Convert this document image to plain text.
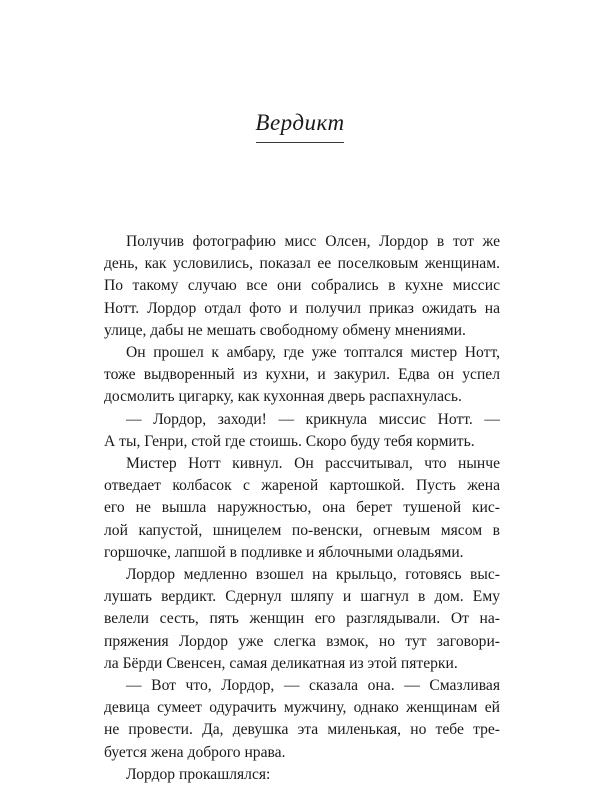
Вердикт
Получив фотографию мисс Олсен, Лордор в тот же
день, как условились, показал ее поселковым женщинам.
По такому случаю все они собрались в кухне миссис
Нотт. Лордор отдал фото и получил приказ ожидать на
улице, дабы не мешать свободному обмену мнениями.
Он прошел к амбару, где уже топтался мистер Нотт,
тоже выдворенный из кухни, и закурил. Едва он успел
досмолить цигарку, как кухонная дверь распахнулась.
— Лордор, заходи! — крикнула миссис Нотт. —
А ты, Генри, стой где стоишь. Скоро буду тебя кормить.
Мистер Нотт кивнул. Он рассчитывал, что нынче
отведает колбасок с жареной картошкой. Пусть жена
его не вышла наружностью, она берет тушеной кис-
лой капустой, шницелем по-венски, огневым мясом в
горшочке, лапшой в подливке и яблочными оладьями.
Лордор медленно взошел на крыльцо, готовясь выс-
лушать вердикт. Сдернул шляпу и шагнул в дом. Ему
велели сесть, пять женщин его разглядывали. От на-
пряжения Лордор уже слегка взмок, но тут заговори-
ла Бёрди Свенсен, самая деликатная из этой пятерки.
— Вот что, Лордор, — сказала она. — Смазливая
девица сумеет одурачить мужчину, однако женщинам ей
не провести. Да, девушка эта миленькая, но тебе тре-
буется жена доброго нрава.
Лордор прокашлялся:
